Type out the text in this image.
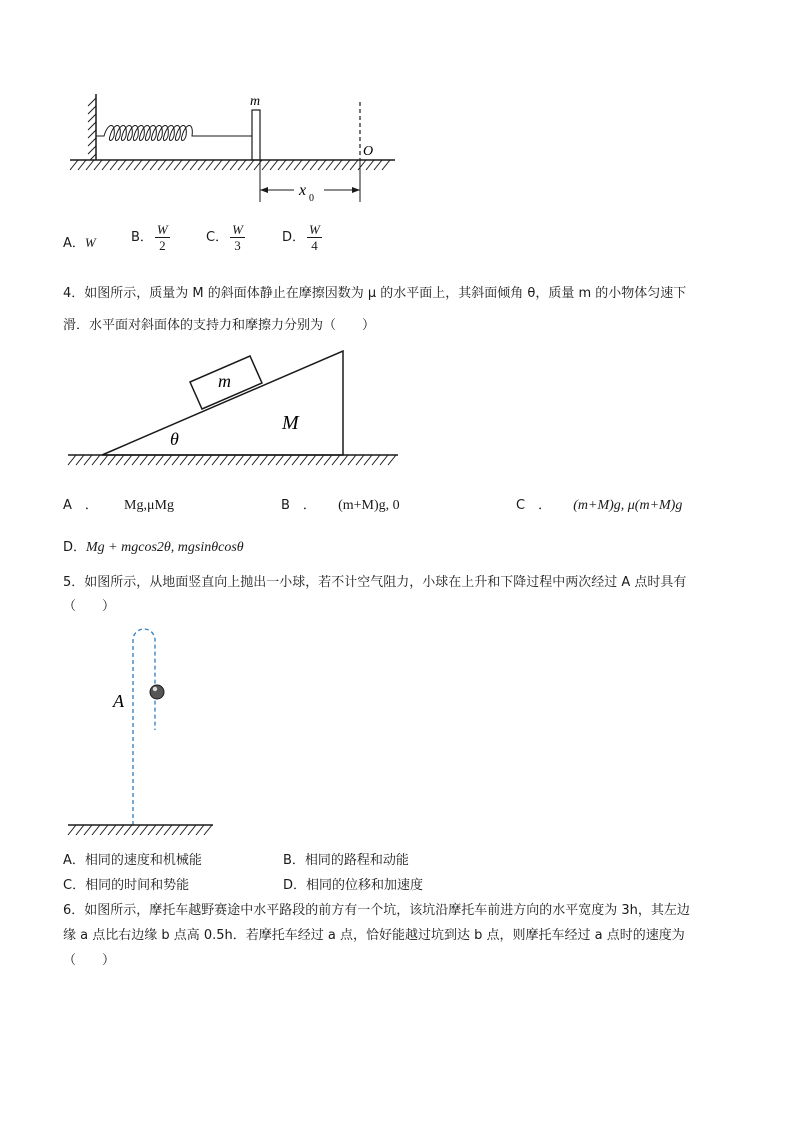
m
O
x 0
A．W	B． $\frac{W}{2}$	C． $\frac{W}{3}$	D． $\frac{W}{4}$
4．如图所示，质量为 M 的斜面体静止在摩擦因数为 μ 的水平面上，其斜面倾角 θ，质量 m 的小物体匀速下
滑．水平面对斜面体的支持力和摩擦力分别为（　　）
m
M
θ
A　． Mg,μMg	B　． (m+M)g, 0	C　． (m+M)g, μ(m+M)g
D．Mg + mgcos2θ, mgsinθcosθ
5．如图所示，从地面竖直向上抛出一小球，若不计空气阻力，小球在上升和下降过程中两次经过 A 点时具有
（　　）
A
A．相同的速度和机械能	B．相同的路程和动能
C．相同的时间和势能	D．相同的位移和加速度
6．如图所示，摩托车越野赛途中水平路段的前方有一个坑，该坑沿摩托车前进方向的水平宽度为 3h，其左边
缘 a 点比右边缘 b 点高 0.5h．若摩托车经过 a 点，恰好能越过坑到达 b 点，则摩托车经过 a 点时的速度为
（　　）
